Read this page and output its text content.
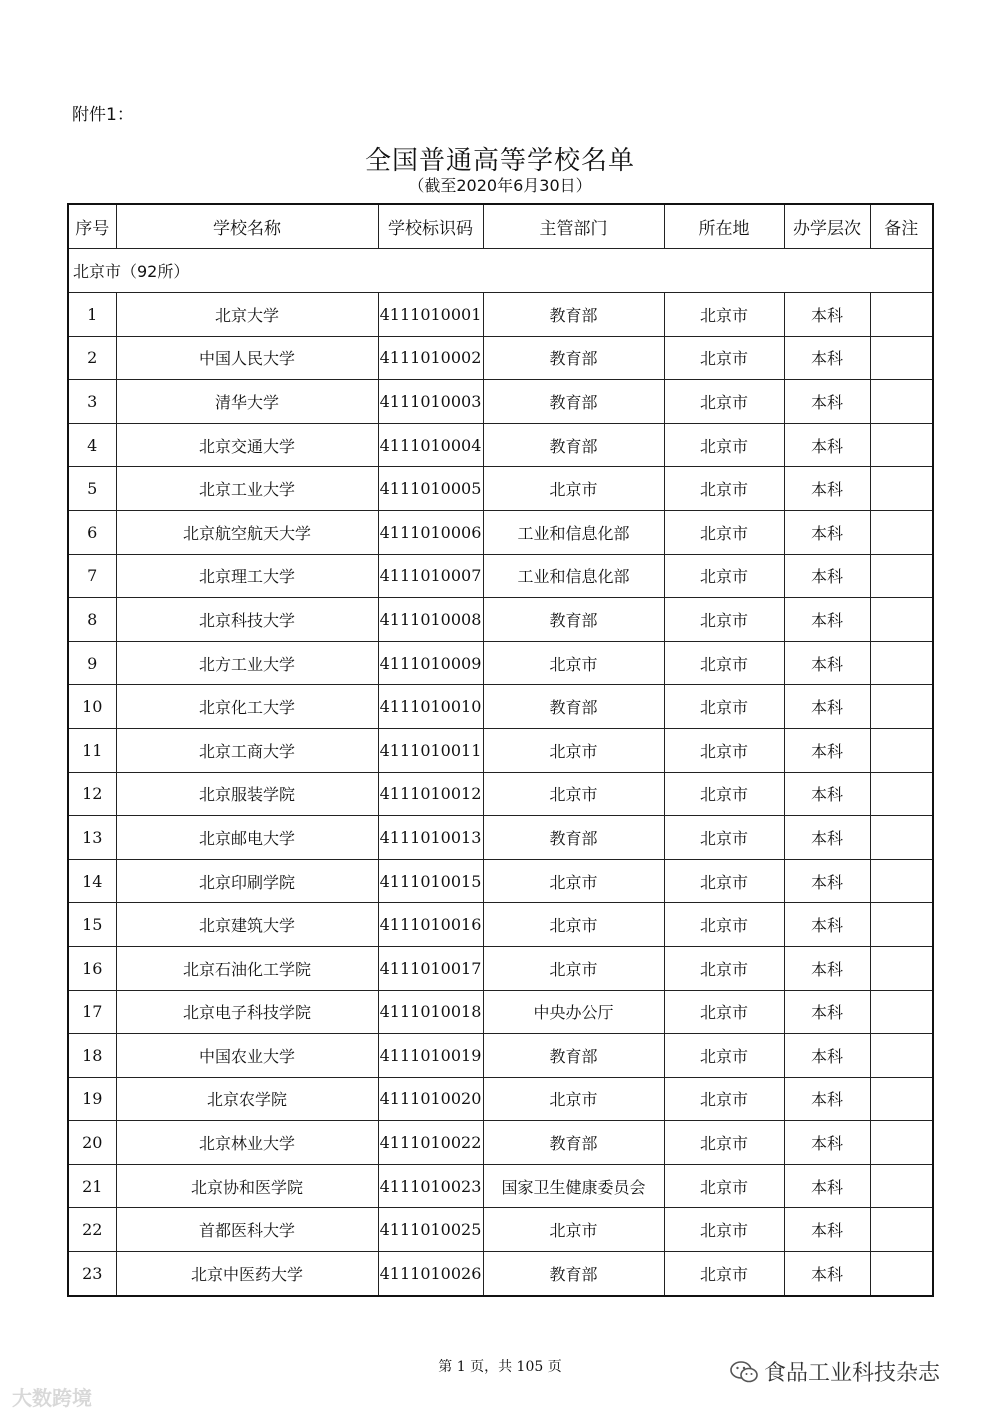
附件1：
全国普通高等学校名单
（截至2020年6月30日）
序号	学校名称	学校标识码	主管部门	所在地	办学层次	备注
北京市（92所）						
1	北京大学	4111010001	教育部	北京市	本科	
2	中国人民大学	4111010002	教育部	北京市	本科	
3	清华大学	4111010003	教育部	北京市	本科	
4	北京交通大学	4111010004	教育部	北京市	本科	
5	北京工业大学	4111010005	北京市	北京市	本科	
6	北京航空航天大学	4111010006	工业和信息化部	北京市	本科	
7	北京理工大学	4111010007	工业和信息化部	北京市	本科	
8	北京科技大学	4111010008	教育部	北京市	本科	
9	北方工业大学	4111010009	北京市	北京市	本科	
10	北京化工大学	4111010010	教育部	北京市	本科	
11	北京工商大学	4111010011	北京市	北京市	本科	
12	北京服装学院	4111010012	北京市	北京市	本科	
13	北京邮电大学	4111010013	教育部	北京市	本科	
14	北京印刷学院	4111010015	北京市	北京市	本科	
15	北京建筑大学	4111010016	北京市	北京市	本科	
16	北京石油化工学院	4111010017	北京市	北京市	本科	
17	北京电子科技学院	4111010018	中央办公厅	北京市	本科	
18	中国农业大学	4111010019	教育部	北京市	本科	
19	北京农学院	4111010020	北京市	北京市	本科	
20	北京林业大学	4111010022	教育部	北京市	本科	
21	北京协和医学院	4111010023	国家卫生健康委员会	北京市	本科	
22	首都医科大学	4111010025	北京市	北京市	本科	
23	北京中医药大学	4111010026	教育部	北京市	本科	
第 1 页，共 105 页
大数跨境
食品工业科技杂志
